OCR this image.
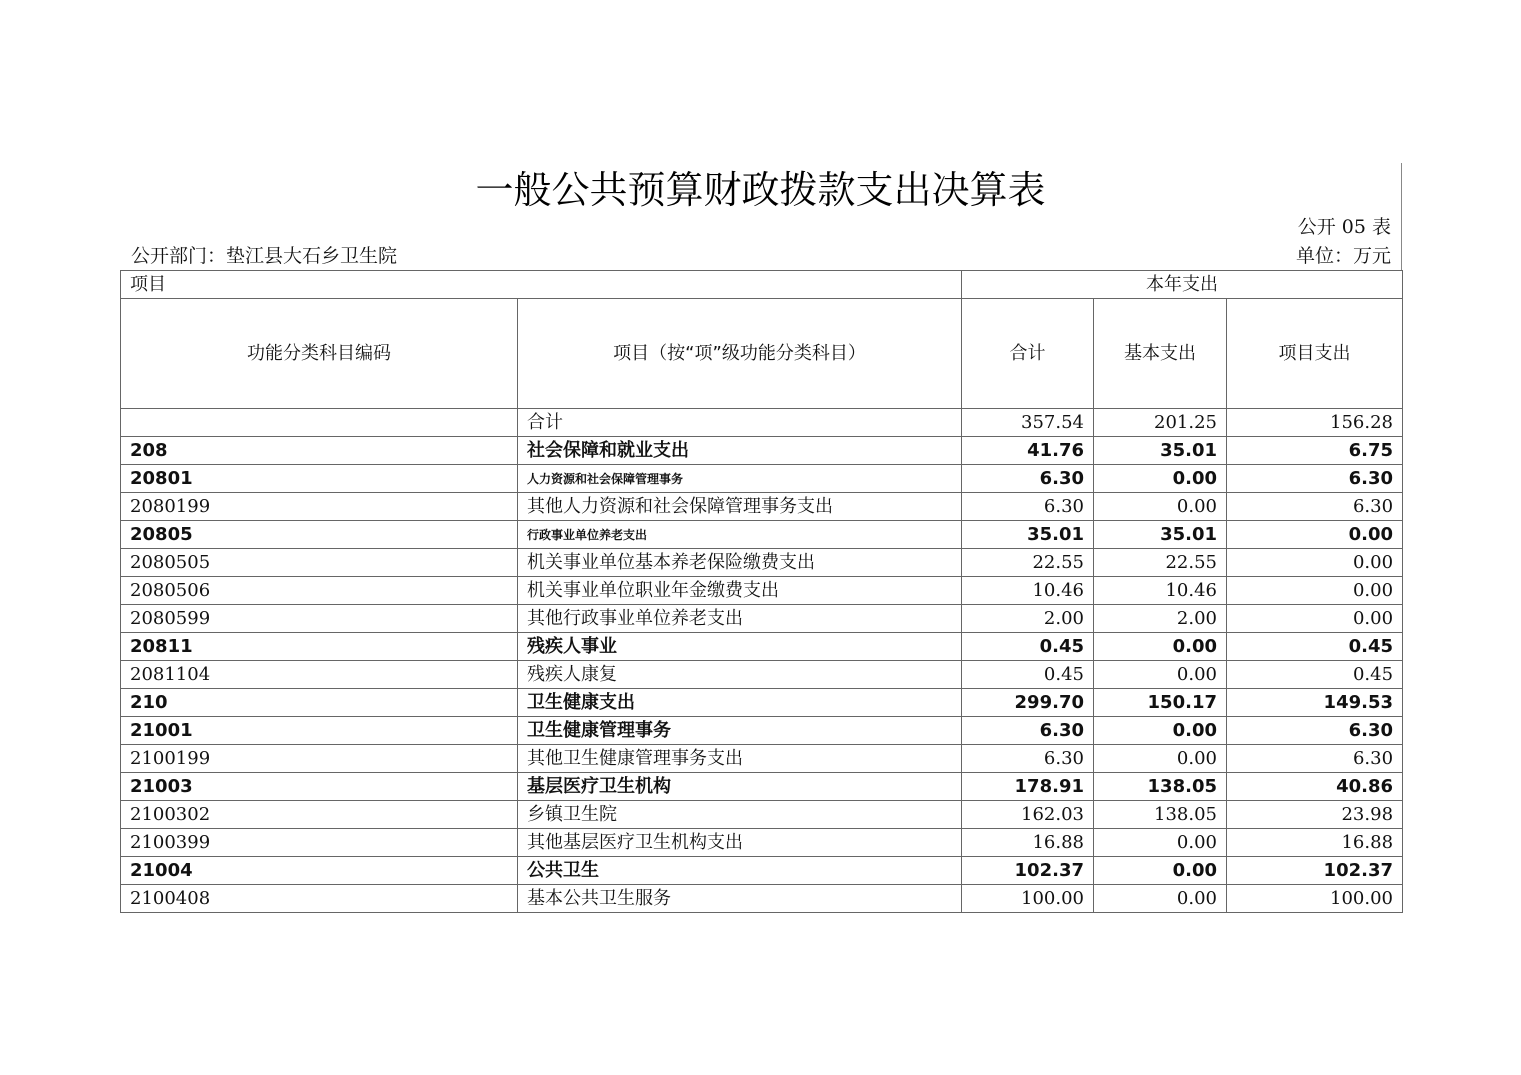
一般公共预算财政拨款支出决算表
公开 05 表
公开部门：垫江县大石乡卫生院	单位：万元
项目		本年支出		
功能分类科目编码	项目（按“项”级功能分类科目）	合计	基本支出	项目支出
	合计	357.54	201.25	156.28
208	社会保障和就业支出	41.76	35.01	6.75
20801	人力资源和社会保障管理事务	6.30	0.00	6.30
2080199	其他人力资源和社会保障管理事务支出	6.30	0.00	6.30
20805	行政事业单位养老支出	35.01	35.01	0.00
2080505	机关事业单位基本养老保险缴费支出	22.55	22.55	0.00
2080506	机关事业单位职业年金缴费支出	10.46	10.46	0.00
2080599	其他行政事业单位养老支出	2.00	2.00	0.00
20811	残疾人事业	0.45	0.00	0.45
2081104	残疾人康复	0.45	0.00	0.45
210	卫生健康支出	299.70	150.17	149.53
21001	卫生健康管理事务	6.30	0.00	6.30
2100199	其他卫生健康管理事务支出	6.30	0.00	6.30
21003	基层医疗卫生机构	178.91	138.05	40.86
2100302	乡镇卫生院	162.03	138.05	23.98
2100399	其他基层医疗卫生机构支出	16.88	0.00	16.88
21004	公共卫生	102.37	0.00	102.37
2100408	基本公共卫生服务	100.00	0.00	100.00
